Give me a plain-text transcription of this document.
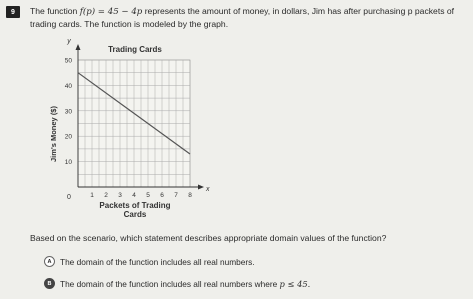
9	The function f(p) = 45 − 4p represents the amount of money, in dollars, Jim has after purchasing p packets of trading cards. The function is modeled by the graph.
Trading Cards
y
x
0
Packets of Trading
Cards
Jim's Money ($)
1 2 3 4 5 6 7 8
10
20
30
40
50
Based on the scenario, which statement describes appropriate domain values of the function?
A	The domain of the function includes all real numbers.
B	The domain of the function includes all real numbers where p ≤ 45.
